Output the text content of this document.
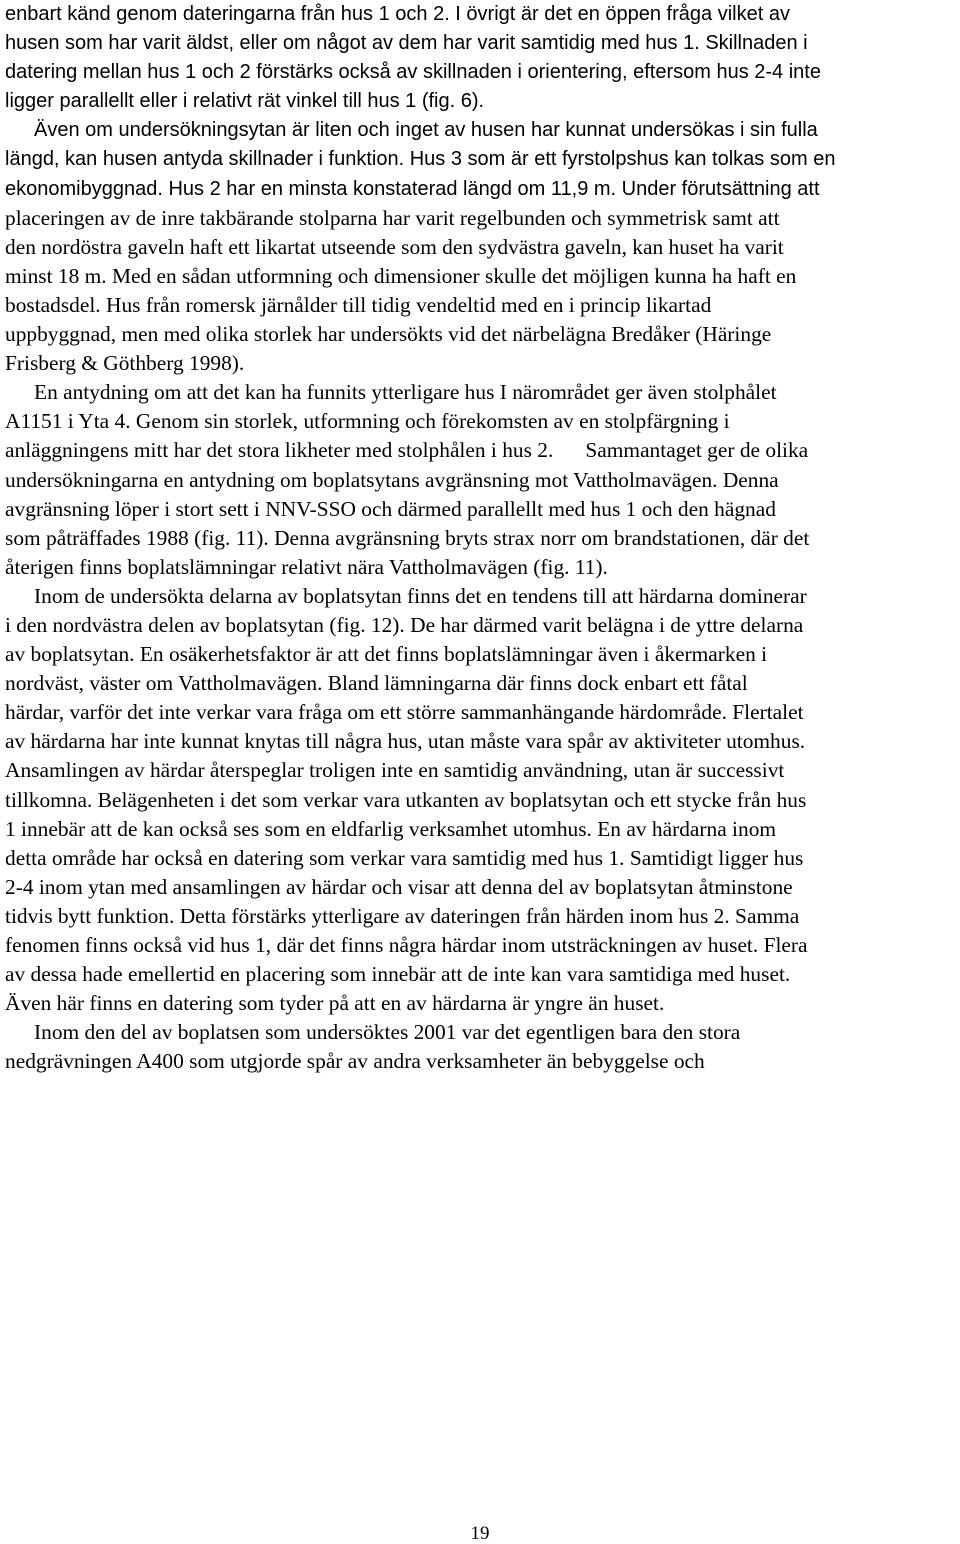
enbart känd genom dateringarna från hus 1 och 2. I övrigt är det en öppen fråga vilket av
husen som har varit äldst, eller om något av dem har varit samtidig med hus 1. Skillnaden i
datering mellan hus 1 och 2 förstärks också av skillnaden i orientering, eftersom hus 2-4 inte
ligger parallellt eller i relativt rät vinkel till hus 1 (fig. 6).
Även om undersökningsytan är liten och inget av husen har kunnat undersökas i sin fulla
längd, kan husen antyda skillnader i funktion. Hus 3 som är ett fyrstolpshus kan tolkas som en
ekonomibyggnad. Hus 2 har en minsta konstaterad längd om 11,9 m. Under förutsättning att
placeringen av de inre takbärande stolparna har varit regelbunden och symmetrisk samt att
den nordöstra gaveln haft ett likartat utseende som den sydvästra gaveln, kan huset ha varit
minst 18 m. Med en sådan utformning och dimensioner skulle det möjligen kunna ha haft en
bostadsdel. Hus från romersk järnålder till tidig vendeltid med en i princip likartad
uppbyggnad, men med olika storlek har undersökts vid det närbelägna Bredåker (Häringe
Frisberg & Göthberg 1998).
En antydning om att det kan ha funnits ytterligare hus I närområdet ger även stolphålet
A1151 i Yta 4. Genom sin storlek, utformning och förekomsten av en stolpfärgning i
anläggningens mitt har det stora likheter med stolphålen i hus 2.      Sammantaget ger de olika
undersökningarna en antydning om boplatsytans avgränsning mot Vattholmavägen. Denna
avgränsning löper i stort sett i NNV-SSO och därmed parallellt med hus 1 och den hägnad
som påträffades 1988 (fig. 11). Denna avgränsning bryts strax norr om brandstationen, där det
återigen finns boplatslämningar relativt nära Vattholmavägen (fig. 11).
Inom de undersökta delarna av boplatsytan finns det en tendens till att härdarna dominerar
i den nordvästra delen av boplatsytan (fig. 12). De har därmed varit belägna i de yttre delarna
av boplatsytan. En osäkerhetsfaktor är att det finns boplatslämningar även i åkermarken i
nordväst, väster om Vattholmavägen. Bland lämningarna där finns dock enbart ett fåtal
härdar, varför det inte verkar vara fråga om ett större sammanhängande härdområde. Flertalet
av härdarna har inte kunnat knytas till några hus, utan måste vara spår av aktiviteter utomhus.
Ansamlingen av härdar återspeglar troligen inte en samtidig användning, utan är successivt
tillkomna. Belägenheten i det som verkar vara utkanten av boplatsytan och ett stycke från hus
1 innebär att de kan också ses som en eldfarlig verksamhet utomhus. En av härdarna inom
detta område har också en datering som verkar vara samtidig med hus 1. Samtidigt ligger hus
2-4 inom ytan med ansamlingen av härdar och visar att denna del av boplatsytan åtminstone
tidvis bytt funktion. Detta förstärks ytterligare av dateringen från härden inom hus 2. Samma
fenomen finns också vid hus 1, där det finns några härdar inom utsträckningen av huset. Flera
av dessa hade emellertid en placering som innebär att de inte kan vara samtidiga med huset.
Även här finns en datering som tyder på att en av härdarna är yngre än huset.
Inom den del av boplatsen som undersöktes 2001 var det egentligen bara den stora
nedgrävningen A400 som utgjorde spår av andra verksamheter än bebyggelse och
19
